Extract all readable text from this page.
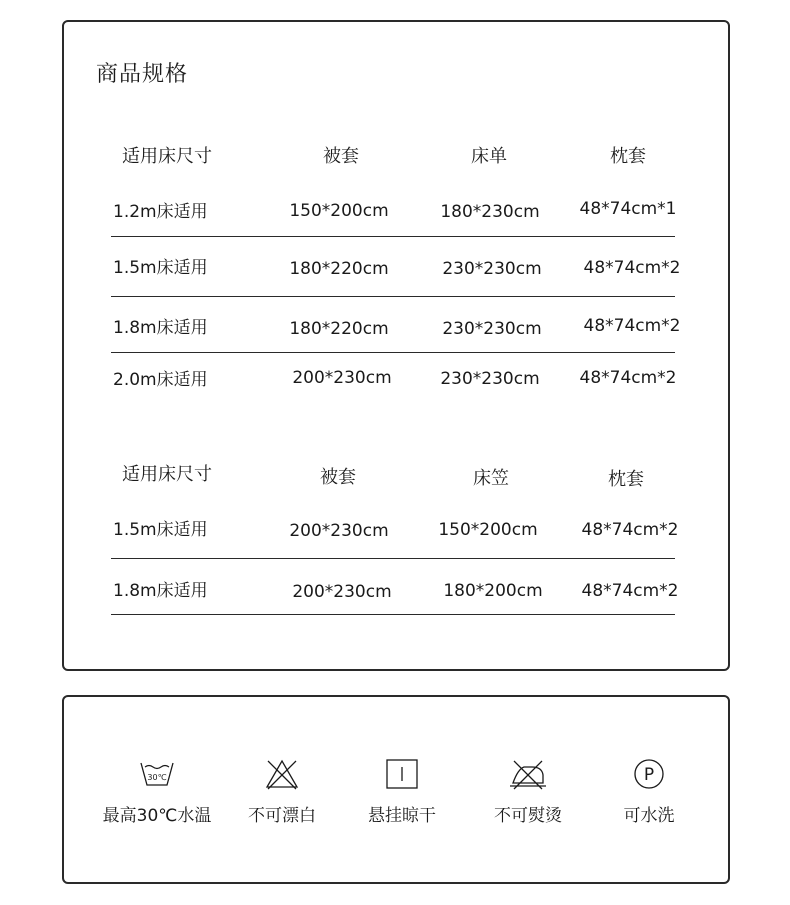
商品规格
适用床尺寸	被套	床单	枕套
1.2m床适用	150*200cm	180*230cm 48*74cm*1
1.5m床适用	180*220cm	230*230cm 48*74cm*2
1.8m床适用	180*220cm	230*230cm 48*74cm*2
2.0m床适用	200*230cm	230*230cm 48*74cm*2
适用床尺寸	被套	床笠	枕套
1.5m床适用	200*230cm	150*200cm	48*74cm*2
1.8m床适用	200*230cm	180*200cm 48*74cm*2
30℃
最高30℃水温	不可漂白	悬挂晾干	不可熨烫
P
可水洗
